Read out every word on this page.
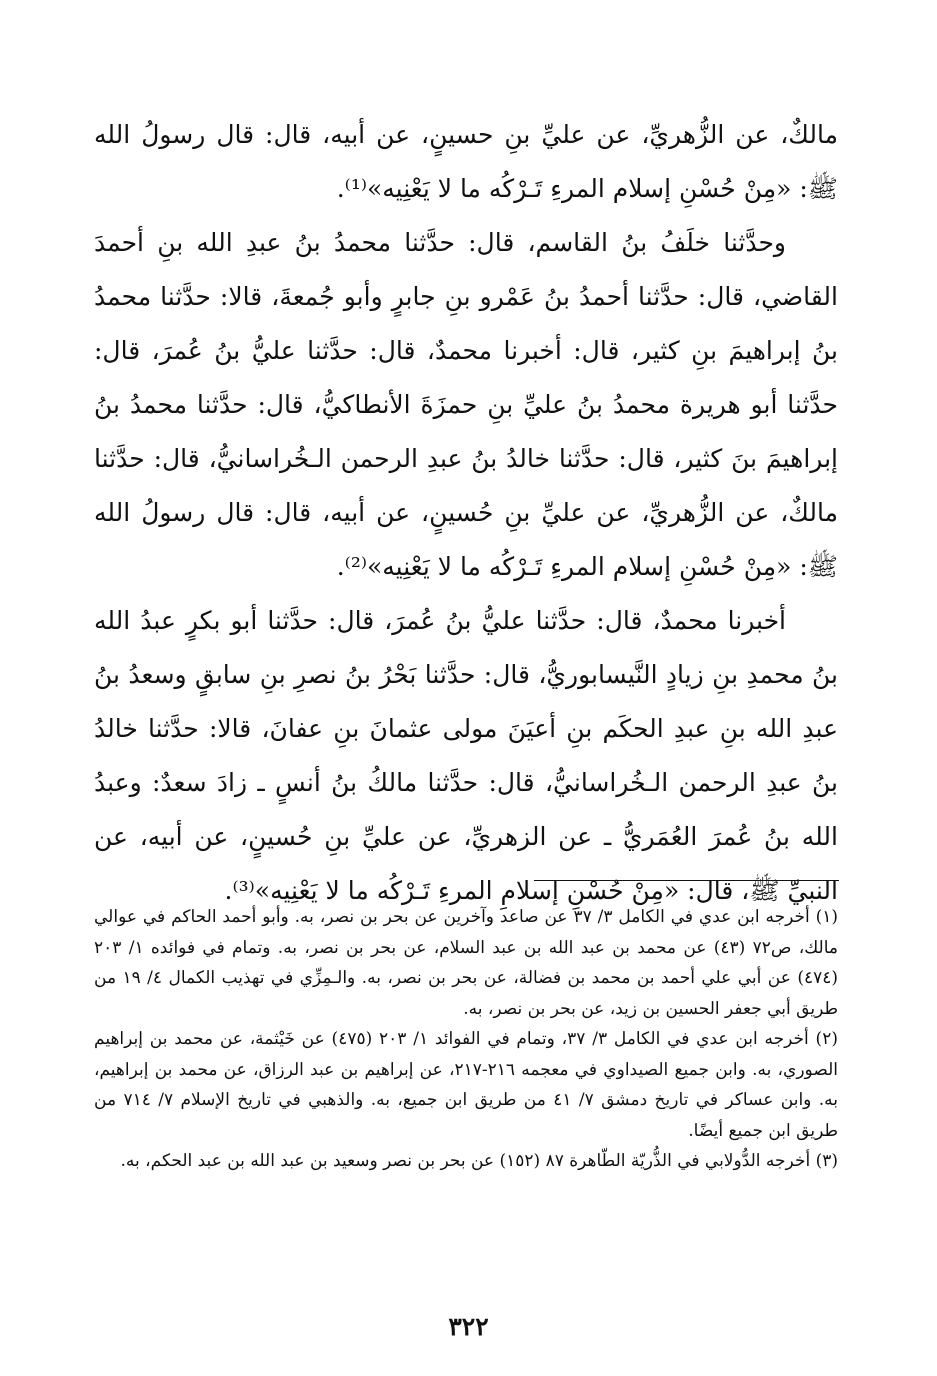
مالكٌ، عن الزُّهريِّ، عن عليِّ بنِ حسينٍ، عن أبيه، قال: قال رسولُ الله ﷺ: «مِنْ حُسْنِ إسلام المرءِ تَـرْكُه ما لا يَعْنِيه»⁽¹⁾.

وحدَّثنا خلَفُ بنُ القاسم، قال: حدَّثنا محمدُ بنُ عبدِ الله بنِ أحمدَ القاضي، قال: حدَّثنا أحمدُ بنُ عَمْرو بنِ جابرٍ وأبو جُمعةَ، قالا: حدَّثنا محمدُ بنُ إبراهيمَ بنِ كثير، قال: أخبرنا محمدٌ، قال: حدَّثنا عليُّ بنُ عُمرَ، قال: حدَّثنا أبو هريرة محمدُ بنُ عليِّ بنِ حمزَةَ الأنطاكيُّ، قال: حدَّثنا محمدُ بنُ إبراهيمَ بنَ كثير، قال: حدَّثنا خالدُ بنُ عبدِ الرحمن الـخُراسانيُّ، قال: حدَّثنا مالكٌ، عن الزُّهريِّ، عن عليِّ بنِ حُسينٍ، عن أبيه، قال: قال رسولُ الله ﷺ: «مِنْ حُسْنِ إسلام المرءِ تَـرْكُه ما لا يَعْنِيه»⁽²⁾.

أخبرنا محمدٌ، قال: حدَّثنا عليُّ بنُ عُمرَ، قال: حدَّثنا أبو بكرٍ عبدُ الله بنُ محمدِ بنِ زيادٍ النَّيسابوريُّ، قال: حدَّثنا بَحْرُ بنُ نصرِ بنِ سابقٍ وسعدُ بنُ عبدِ الله بنِ عبدِ الحكَم بنِ أعيَنَ مولى عثمانَ بنِ عفانَ، قالا: حدَّثنا خالدُ بنُ عبدِ الرحمن الـخُراسانيُّ، قال: حدَّثنا مالكُ بنُ أنسٍ ـ زادَ سعدٌ: وعبدُ الله بنُ عُمرَ العُمَريُّ ـ عن الزهريِّ، عن عليِّ بنِ حُسينٍ، عن أبيه، عن النبيِّ ﷺ، قال: «مِنْ حُسْنِ إسلامِ المرءِ تَـرْكُه ما لا يَعْنِيه»⁽³⁾.

(١) أخرجه ابن عدي في الكامل ٣/ ٣٧ عن صاعد وآخرين عن بحر بن نصر، به. وأبو أحمد الحاكم في عوالي مالك، ص٧٢ (٤٣) عن محمد بن عبد الله بن عبد السلام، عن بحر بن نصر، به. وتمام في فوائده ١/ ٢٠٣ (٤٧٤) عن أبي علي أحمد بن محمد بن فضالة، عن بحر بن نصر، به. والـمِزِّي في تهذيب الكمال ٤/ ١٩ من طريق أبي جعفر الحسين بن زيد، عن بحر بن نصر، به.

(٢) أخرجه ابن عدي في الكامل ٣/ ٣٧، وتمام في الفوائد ١/ ٢٠٣ (٤٧٥) عن خَيْثمة، عن محمد بن إبراهيم الصوري، به. وابن جميع الصيداوي في معجمه ٢١٦-٢١٧، عن إبراهيم بن عبد الرزاق، عن محمد بن إبراهيم، به. وابن عساكر في تاريخ دمشق ٧/ ٤١ من طريق ابن جميع، به. والذهبي في تاريخ الإسلام ٧/ ٧١٤ من طريق ابن جميع أيضًا.

(٣) أخرجه الدُّولابي في الذُّريّة الطّاهرة ٨٧ (١٥٢) عن بحر بن نصر وسعيد بن عبد الله بن عبد الحكم، به.

٣٢٢
